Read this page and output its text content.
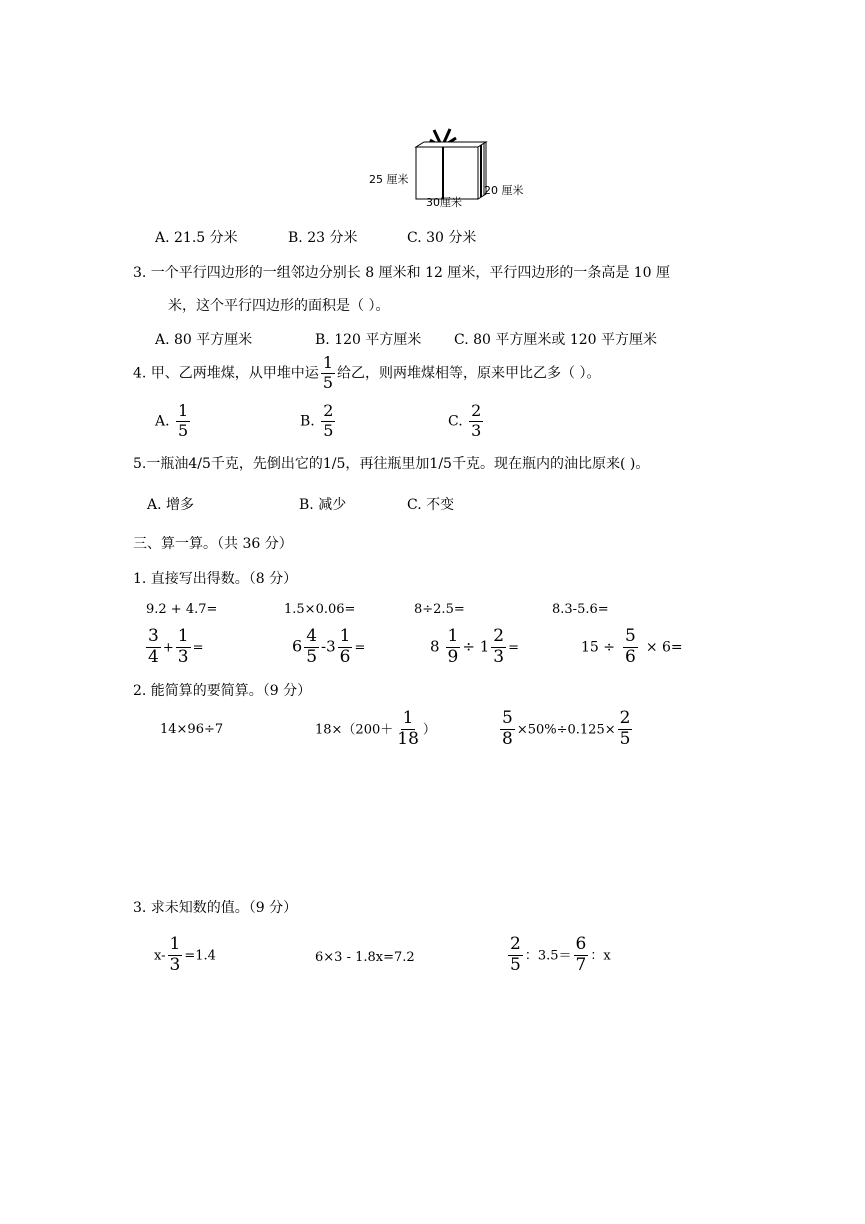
25 厘米
30厘米
20 厘米
A. 21.5 分米	B. 23 分米	C. 30 分米
3. 一个平行四边形的一组邻边分别长 8 厘米和 12 厘米，平行四边形的一条高是 10 厘
米，这个平行四边形的面积是（ ）。
A. 80 平方厘米	B. 120 平方厘米 C. 80 平方厘米或 120 平方厘米
4. 甲、乙两堆煤，从甲堆中运 $\frac{1}{5}$ 给乙，则两堆煤相等，原来甲比乙多（ ）。
A. $\frac{1}{5}$	B. $\frac{2}{5}$	C. $\frac{2}{3}$
5.一瓶油4/5千克，先倒出它的1/5，再往瓶里加1/5千克。现在瓶内的油比原来( )。
A. 增多	B. 减少	C. 不变
三、算一算。（共 36 分）
1. 直接写出得数。（8 分）
9.2 + 4.7=	1.5×0.06=	8÷2.5=	8.3-5.6=
$\frac{3}{4} + \frac{1}{3}$ =	$6 \frac{4}{5} -3 \frac{1}{6}$ =	$8 \frac{1}{9} \div 1 \frac{2}{3}$ =	$15 \div \frac{5}{6} \times 6=$
2. 能简算的要简算。（9 分）
14×96÷7	$18\times(200+ \frac{1}{18}$ ）	$\frac{5}{8} \times 50\%\div 0.125\times \frac{2}{5}$
3. 求未知数的值。（9 分）
$x- \frac{1}{3} =1.4$	6×3 - 1.8x=7.2	$\frac{2}{5}$ ：$3.5= \frac{6}{7}$ ：x
